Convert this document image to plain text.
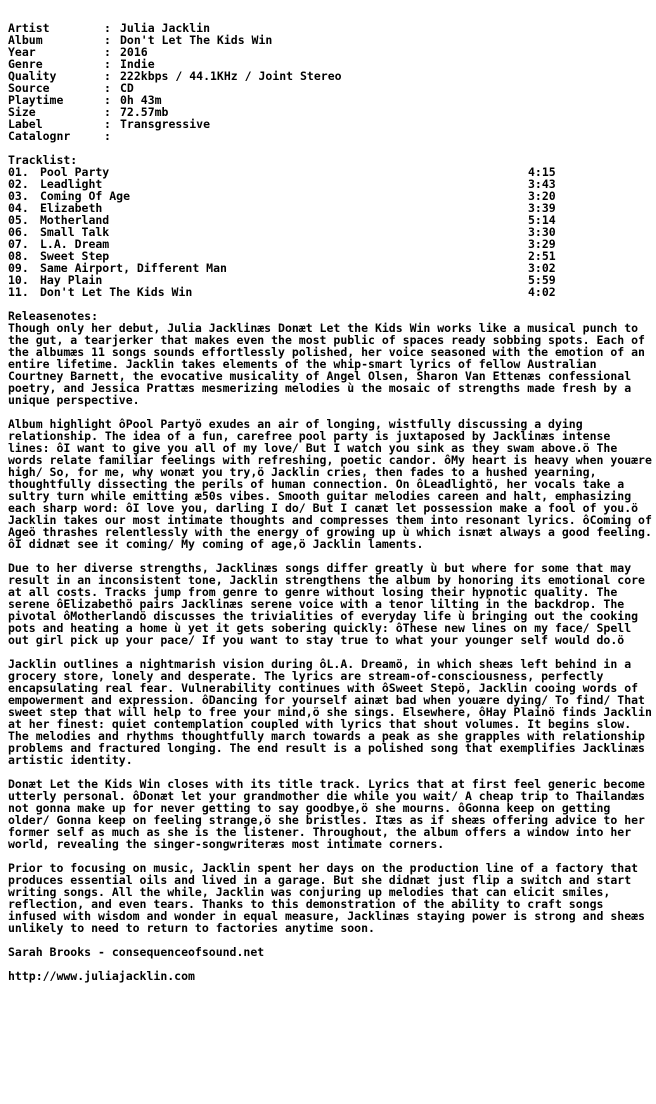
Artist	: Julia Jacklin
Album	: Don't Let The Kids Win
Year	: 2016
Genre	: Indie
Quality	: 222kbps / 44.1KHz / Joint Stereo
Source	: CD
Playtime	: 0h 43m
Size	: 72.57mb
Label	: Transgressive
Catalognr	:
Tracklist:
01. Pool Party	4:15
02. Leadlight	3:43
03. Coming Of Age	3:20
04. Elizabeth	3:39
05. Motherland	5:14
06. Small Talk	3:30
07. L.A. Dream	3:29
08. Sweet Step	2:51
09. Same Airport, Different Man	3:02
10. Hay Plain	5:59
11. Don't Let The Kids Win	4:02
Releasenotes:

Though only her debut, Julia Jacklinæs Donæt Let the Kids Win works like a musical punch to the gut, a tearjerker that makes even the most public of spaces ready sobbing spots. Each of the albumæs 11 songs sounds effortlessly polished, her voice seasoned with the emotion of an entire lifetime. Jacklin takes elements of the whip-smart lyrics of fellow Australian Courtney Barnett, the evocative musicality of Angel Olsen, Sharon Van Ettenæs confessional poetry, and Jessica Prattæs mesmerizing melodies ù the mosaic of strengths made fresh by a unique perspective.

Album highlight ôPool Partyö exudes an air of longing, wistfully discussing a dying relationship. The idea of a fun, carefree pool party is juxtaposed by Jacklinæs intense lines: ôI want to give you all of my love/ But I watch you sink as they swam above.ö The words relate familiar feelings with refreshing, poetic candor. ôMy heart is heavy when youære high/ So, for me, why wonæt you try,ö Jacklin cries, then fades to a hushed yearning, thoughtfully dissecting the perils of human connection. On ôLeadlightö, her vocals take a sultry turn while emitting æ50s vibes. Smooth guitar melodies careen and halt, emphasizing each sharp word: ôI love you, darling I do/ But I canæt let possession make a fool of you.ö Jacklin takes our most intimate thoughts and compresses them into resonant lyrics. ôComing of Ageö thrashes relentlessly with the energy of growing up ù which isnæt always a good feeling. ôI didnæt see it coming/ My coming of age,ö Jacklin laments.

Due to her diverse strengths, Jacklinæs songs differ greatly ù but where for some that may result in an inconsistent tone, Jacklin strengthens the album by honoring its emotional core at all costs. Tracks jump from genre to genre without losing their hypnotic quality. The serene ôElizabethö pairs Jacklinæs serene voice with a tenor lilting in the backdrop. The pivotal ôMotherlandö discusses the trivialities of everyday life ù bringing out the cooking pots and heating a home ù yet it gets sobering quickly: ôThese new lines on my face/ Spell out girl pick up your pace/ If you want to stay true to what your younger self would do.ö

Jacklin outlines a nightmarish vision during ôL.A. Dreamö, in which sheæs left behind in a grocery store, lonely and desperate. The lyrics are stream-of-consciousness, perfectly encapsulating real fear. Vulnerability continues with ôSweet Stepö, Jacklin cooing words of empowerment and expression. ôDancing for yourself ainæt bad when youære dying/ To find/ That sweet step that will help to free your mind,ö she sings. Elsewhere, ôHay Plainö finds Jacklin at her finest: quiet contemplation coupled with lyrics that shout volumes. It begins slow. The melodies and rhythms thoughtfully march towards a peak as she grapples with relationship problems and fractured longing. The end result is a polished song that exemplifies Jacklinæs artistic identity.

Donæt Let the Kids Win closes with its title track. Lyrics that at first feel generic become utterly personal. ôDonæt let your grandmother die while you wait/ A cheap trip to Thailandæs not gonna make up for never getting to say goodbye,ö she mourns. ôGonna keep on getting older/ Gonna keep on feeling strange,ö she bristles. Itæs as if sheæs offering advice to her former self as much as she is the listener. Throughout, the album offers a window into her world, revealing the singer-songwriteræs most intimate corners.

Prior to focusing on music, Jacklin spent her days on the production line of a factory that produces essential oils and lived in a garage. But she didnæt just flip a switch and start writing songs. All the while, Jacklin was conjuring up melodies that can elicit smiles, reflection, and even tears. Thanks to this demonstration of the ability to craft songs infused with wisdom and wonder in equal measure, Jacklinæs staying power is strong and sheæs unlikely to need to return to factories anytime soon.

Sarah Brooks - consequenceofsound.net
http://www.juliajacklin.com
